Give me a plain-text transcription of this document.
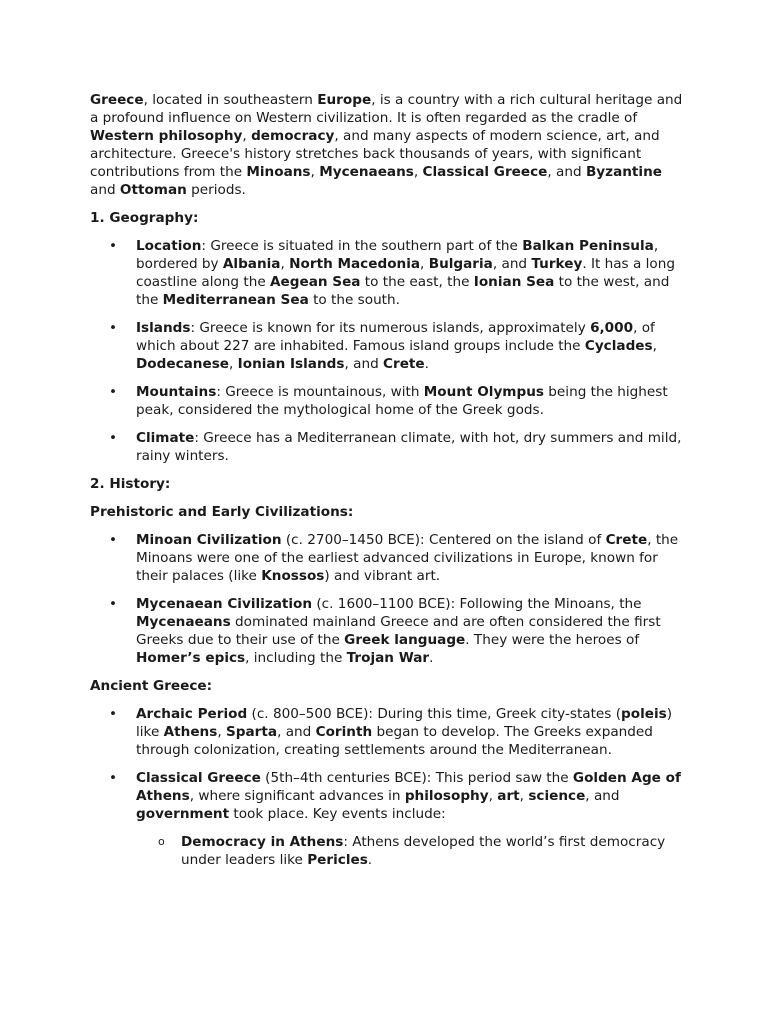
Greece, located in southeastern Europe, is a country with a rich cultural heritage and a profound influence on Western civilization. It is often regarded as the cradle of Western philosophy, democracy, and many aspects of modern science, art, and architecture. Greece's history stretches back thousands of years, with significant contributions from the Minoans, Mycenaeans, Classical Greece, and Byzantine and Ottoman periods.

1. Geography:

• Location: Greece is situated in the southern part of the Balkan Peninsula, bordered by Albania, North Macedonia, Bulgaria, and Turkey. It has a long coastline along the Aegean Sea to the east, the Ionian Sea to the west, and the Mediterranean Sea to the south.
• Islands: Greece is known for its numerous islands, approximately 6,000, of which about 227 are inhabited. Famous island groups include the Cyclades, Dodecanese, Ionian Islands, and Crete.
• Mountains: Greece is mountainous, with Mount Olympus being the highest peak, considered the mythological home of the Greek gods.
• Climate: Greece has a Mediterranean climate, with hot, dry summers and mild, rainy winters.

2. History:

Prehistoric and Early Civilizations:

• Minoan Civilization (c. 2700–1450 BCE): Centered on the island of Crete, the Minoans were one of the earliest advanced civilizations in Europe, known for their palaces (like Knossos) and vibrant art.
• Mycenaean Civilization (c. 1600–1100 BCE): Following the Minoans, the Mycenaeans dominated mainland Greece and are often considered the first Greeks due to their use of the Greek language. They were the heroes of Homer’s epics, including the Trojan War.

Ancient Greece:

• Archaic Period (c. 800–500 BCE): During this time, Greek city-states (poleis) like Athens, Sparta, and Corinth began to develop. The Greeks expanded through colonization, creating settlements around the Mediterranean.
• Classical Greece (5th–4th centuries BCE): This period saw the Golden Age of Athens, where significant advances in philosophy, art, science, and government took place. Key events include:
o Democracy in Athens: Athens developed the world’s first democracy under leaders like Pericles.
